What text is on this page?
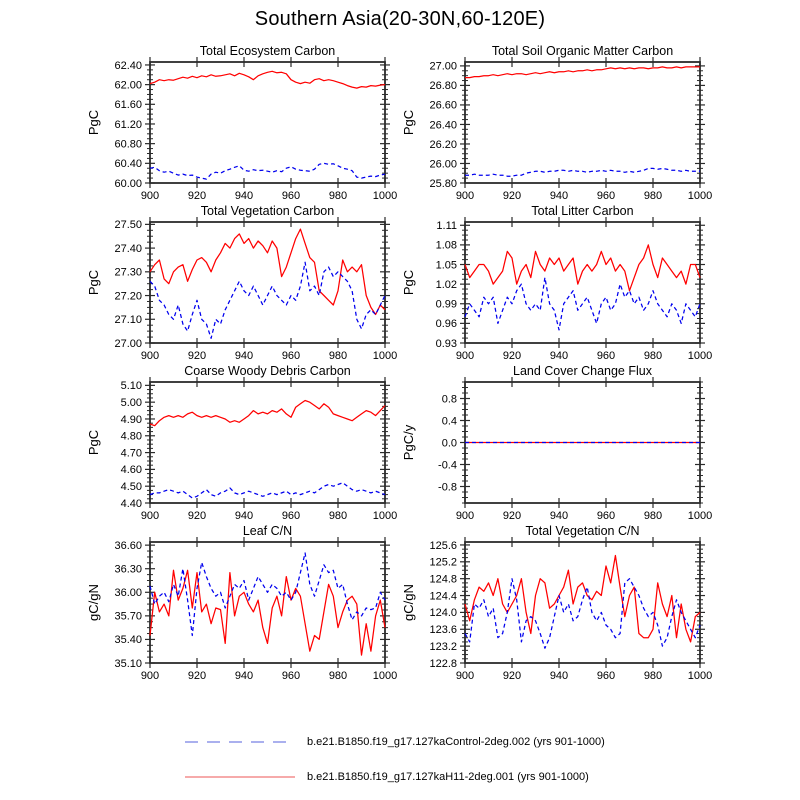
Southern Asia(20-30N,60-120E)
Total Ecosystem Carbon
PgC
900	920	940	960	980 1000
60.00
60.40
60.80
61.20
61.60
62.00
62.40
Total Soil Organic Matter Carbon
PgC
900	920	940	960	980 1000
25.80
26.00
26.20
26.40
26.60
26.80
27.00
Total Vegetation Carbon
PgC
900	920	940	960	980 1000
27.00
27.10
27.20
27.30
27.40
27.50
Total Litter Carbon
PgC
900	920	940	960	980 1000
0.93
0.96
0.99
1.02
1.05
1.08
1.11
Coarse Woody Debris Carbon
PgC
900	920	940	960	980 1000
4.40
4.50
4.60
4.70
4.80
4.90
5.00
5.10
Land Cover Change Flux
PgC/y
900	920	940	960	980 1000
-0.8
-0.4
0.0
0.4
0.8
Leaf C/N
gC/gN
900	920	940	960	980 1000
35.10
35.40
35.70
36.00
36.30
36.60
Total Vegetation C/N
gC/gN
900	920	940	960	980 1000
122.8
123.2
123.6
124.0
124.4
124.8
125.2
125.6
b.e21.B1850.f19_g17.127kaControl-2deg.002 (yrs 901-1000)
b.e21.B1850.f19_g17.127kaH11-2deg.001 (yrs 901-1000)
